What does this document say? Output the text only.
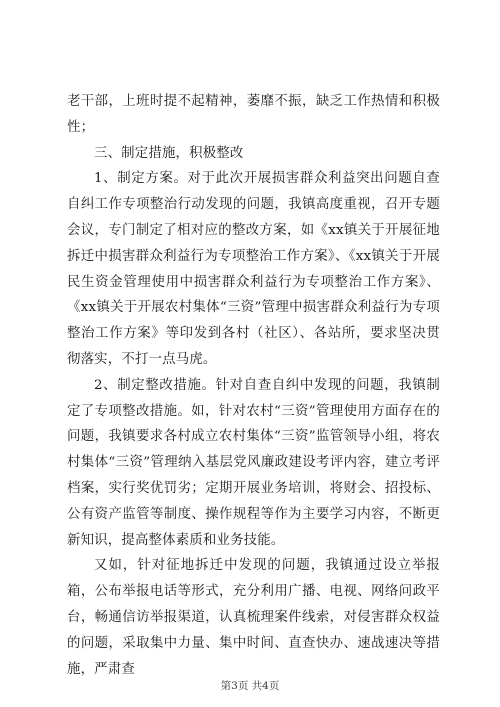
老干部，上班时提不起精神，萎靡不振，缺乏工作热情和积极性；

三、制定措施，积极整改

1、制定方案。对于此次开展损害群众利益突出问题自查自纠工作专项整治行动发现的问题，我镇高度重视，召开专题会议，专门制定了相对应的整改方案，如《xx镇关于开展征地拆迁中损害群众利益行为专项整治工作方案》、《xx镇关于开展民生资金管理使用中损害群众利益行为专项整治工作方案》、《xx镇关于开展农村集体“三资”管理中损害群众利益行为专项整治工作方案》等印发到各村（社区）、各站所，要求坚决贯彻落实，不打一点马虎。

2、制定整改措施。针对自查自纠中发现的问题，我镇制定了专项整改措施。如，针对农村“三资”管理使用方面存在的问题，我镇要求各村成立农村集体“三资”监管领导小组，将农村集体“三资”管理纳入基层党风廉政建设考评内容，建立考评档案，实行奖优罚劣；定期开展业务培训，将财会、招投标、公有资产监管等制度、操作规程等作为主要学习内容，不断更新知识，提高整体素质和业务技能。

又如，针对征地拆迁中发现的问题，我镇通过设立举报箱，公布举报电话等形式，充分利用广播、电视、网络问政平台，畅通信访举报渠道，认真梳理案件线索，对侵害群众权益的问题，采取集中力量、集中时间、直查快办、速战速决等措施，严肃查

第3页 共4页
